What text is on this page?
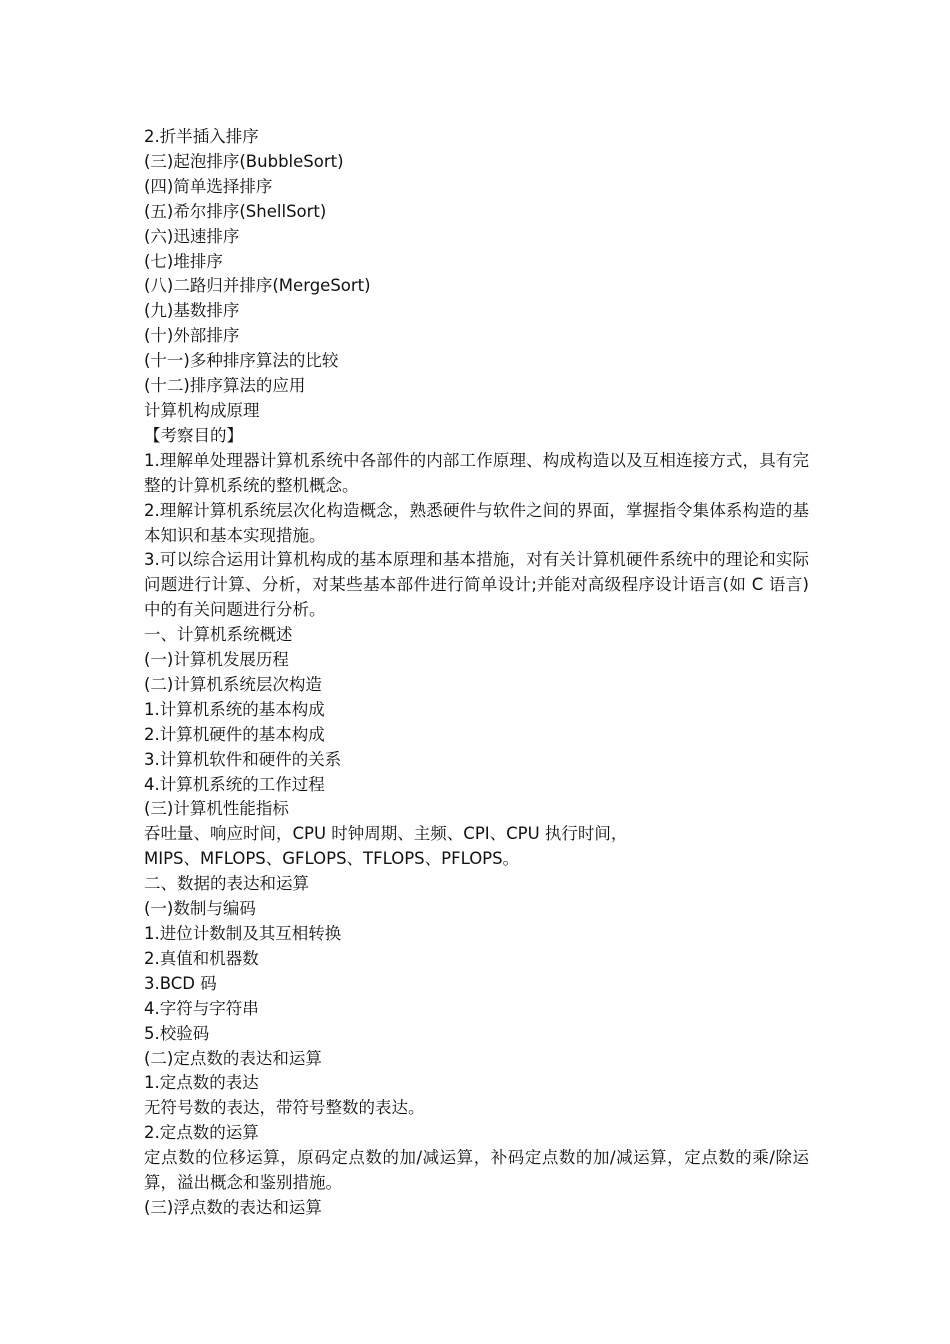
2.折半插入排序
(三)起泡排序(BubbleSort)
(四)简单选择排序
(五)希尔排序(ShellSort)
(六)迅速排序
(七)堆排序
(八)二路归并排序(MergeSort)
(九)基数排序
(十)外部排序
(十一)多种排序算法的比较
(十二)排序算法的应用
计算机构成原理
【考察目的】
1.理解单处理器计算机系统中各部件的内部工作原理、构成构造以及互相连接方式，具有完整的计算机系统的整机概念。
2.理解计算机系统层次化构造概念，熟悉硬件与软件之间的界面，掌握指令集体系构造的基本知识和基本实现措施。
3.可以综合运用计算机构成的基本原理和基本措施，对有关计算机硬件系统中的理论和实际问题进行计算、分析，对某些基本部件进行简单设计;并能对高级程序设计语言(如 C 语言)中的有关问题进行分析。
一、计算机系统概述
(一)计算机发展历程
(二)计算机系统层次构造
1.计算机系统的基本构成
2.计算机硬件的基本构成
3.计算机软件和硬件的关系
4.计算机系统的工作过程
(三)计算机性能指标
吞吐量、响应时间，CPU 时钟周期、主频、CPI、CPU 执行时间，
MIPS、MFLOPS、GFLOPS、TFLOPS、PFLOPS。
二、数据的表达和运算
(一)数制与编码
1.进位计数制及其互相转换
2.真值和机器数
3.BCD 码
4.字符与字符串
5.校验码
(二)定点数的表达和运算
1.定点数的表达
无符号数的表达，带符号整数的表达。
2.定点数的运算
定点数的位移运算，原码定点数的加/减运算，补码定点数的加/减运算，定点数的乘/除运算，溢出概念和鉴别措施。
(三)浮点数的表达和运算
